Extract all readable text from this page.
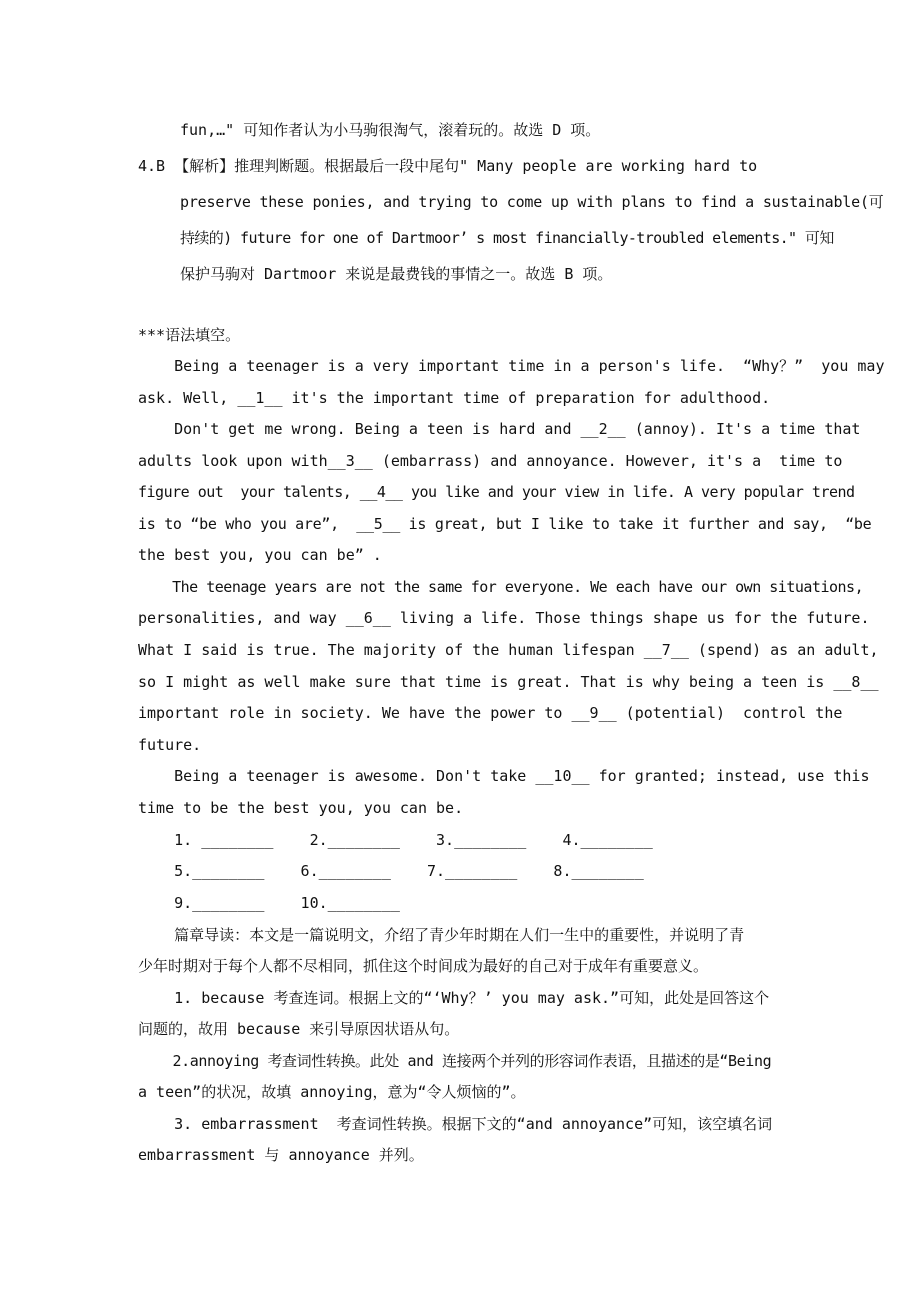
fun,…" 可知作者认为小马驹很淘气，滚着玩的。故选 D 项。
4.B 【解析】推理判断题。根据最后一段中尾句" Many people are working hard to
preserve these ponies, and trying to come up with plans to find a sustainable(可
持续的) future for one of Dartmoor’ s most financially-troubled elements." 可知
保护马驹对 Dartmoor 来说是最费钱的事情之一。故选 B 项。
***语法填空。
Being a teenager is a very important time in a person's life.  “Why？”  you may
ask. Well, __1__ it's the important time of preparation for adulthood.
Don't get me wrong. Being a teen is hard and __2__ (annoy). It's a time that
adults look upon with__3__ (embarrass) and annoyance. However, it's a  time to
figure out  your talents, __4__ you like and your view in life. A very popular trend
is to “be who you are”,  __5__ is great, but I like to take it further and say,  “be
the best you, you can be” .
The teenage years are not the same for everyone. We each have our own situations,
personalities, and way __6__ living a life. Those things shape us for the future.
What I said is true. The majority of the human lifespan __7__ (spend) as an adult,
so I might as well make sure that time is great. That is why being a teen is __8__
important role in society. We have the power to __9__ (potential)  control the
future.
Being a teenager is awesome. Don't take __10__ for granted; instead, use this
time to be the best you, you can be.
1. ________    2.________    3.________    4.________
5.________    6.________    7.________    8.________
9.________    10.________
篇章导读：本文是一篇说明文，介绍了青少年时期在人们一生中的重要性，并说明了青
少年时期对于每个人都不尽相同，抓住这个时间成为最好的自己对于成年有重要意义。
1. because 考查连词。根据上文的“‘Why？’ you may ask.”可知，此处是回答这个
问题的，故用 because 来引导原因状语从句。
2.annoying 考查词性转换。此处 and 连接两个并列的形容词作表语，且描述的是“Being
a teen”的状况，故填 annoying，意为“令人烦恼的”。
3. embarrassment  考查词性转换。根据下文的“and annoyance”可知，该空填名词
embarrassment 与 annoyance 并列。
